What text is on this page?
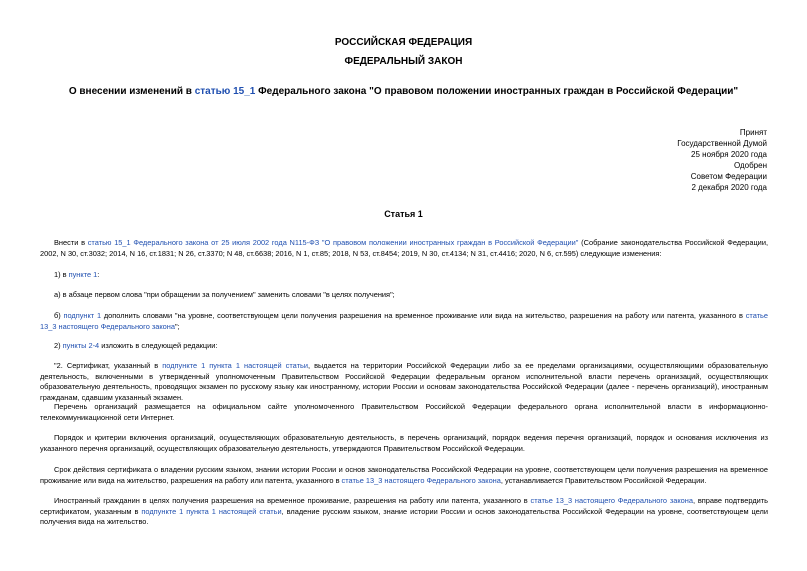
РОССИЙСКАЯ ФЕДЕРАЦИЯ
ФЕДЕРАЛЬНЫЙ ЗАКОН
О внесении изменений в статью 15_1 Федерального закона "О правовом положении иностранных граждан в Российской Федерации"
Принят
Государственной Думой
25 ноября 2020 года
Одобрен
Советом Федерации
2 декабря 2020 года
Статья 1
Внести в статью 15_1 Федерального закона от 25 июля 2002 года N115-ФЗ "О правовом положении иностранных граждан в Российской Федерации" (Собрание законодательства Российской Федерации, 2002, N 30, ст.3032; 2014, N 16, ст.1831; N 26, ст.3370; N 48, ст.6638; 2016, N 1, ст.85; 2018, N 53, ст.8454; 2019, N 30, ст.4134; N 31, ст.4416; 2020, N 6, ст.595) следующие изменения:
1) в пункте 1:
а) в абзаце первом слова "при обращении за получением" заменить словами "в целях получения";
б) подпункт 1 дополнить словами "на уровне, соответствующем цели получения разрешения на временное проживание или вида на жительство, разрешения на работу или патента, указанного в статье 13_3 настоящего Федерального закона";
2) пункты 2-4 изложить в следующей редакции:
"2. Сертификат, указанный в подпункте 1 пункта 1 настоящей статьи, выдается на территории Российской Федерации либо за ее пределами организациями, осуществляющими образовательную деятельность, включенными в утвержденный уполномоченным Правительством Российской Федерации федеральным органом исполнительной власти перечень организаций, осуществляющих образовательную деятельность, проводящих экзамен по русскому языку как иностранному, истории России и основам законодательства Российской Федерации (далее - перечень организаций), иностранным гражданам, сдавшим указанный экзамен.
Перечень организаций размещается на официальном сайте уполномоченного Правительством Российской Федерации федерального органа исполнительной власти в информационно-телекоммуникационной сети Интернет.
Порядок и критерии включения организаций, осуществляющих образовательную деятельность, в перечень организаций, порядок ведения перечня организаций, порядок и основания исключения из указанного перечня организаций, осуществляющих образовательную деятельность, утверждаются Правительством Российской Федерации.
Срок действия сертификата о владении русским языком, знании истории России и основ законодательства Российской Федерации на уровне, соответствующем цели получения разрешения на временное проживание или вида на жительство, разрешения на работу или патента, указанного в статье 13_3 настоящего Федерального закона, устанавливается Правительством Российской Федерации.
Иностранный гражданин в целях получения разрешения на временное проживание, разрешения на работу или патента, указанного в статье 13_3 настоящего Федерального закона, вправе подтвердить сертификатом, указанным в подпункте 1 пункта 1 настоящей статьи, владение русским языком, знание истории России и основ законодательства Российской Федерации на уровне, соответствующем цели получения вида на жительство.
